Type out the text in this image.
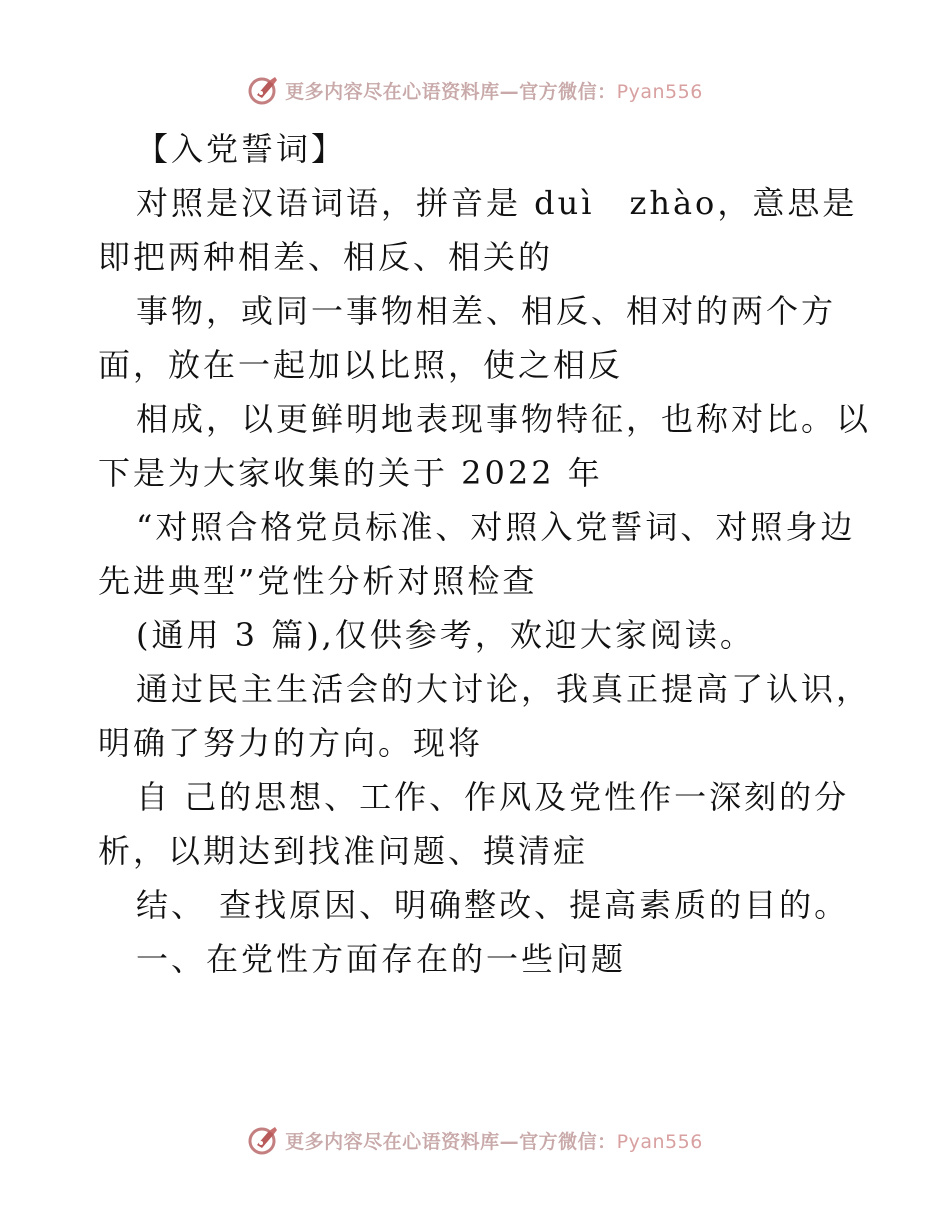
更多内容尽在心语资料库—官方微信：Pyan556
【入党誓词】
对照是汉语词语，拼音是 duì　zhào，意思是
即把两种相差、相反、相关的
事物，或同一事物相差、相反、相对的两个方
面，放在一起加以比照，使之相反
相成，以更鲜明地表现事物特征，也称对比。以
下是为大家收集的关于 2022 年
“对照合格党员标准、对照入党誓词、对照身边
先进典型”党性分析对照检查
(通用 3 篇),仅供参考，欢迎大家阅读。
通过民主生活会的大讨论，我真正提高了认识，
明确了努力的方向。现将
自 己的思想、工作、作风及党性作一深刻的分
析，以期达到找准问题、摸清症
结、 查找原因、明确整改、提高素质的目的。
一、在党性方面存在的一些问题
更多内容尽在心语资料库—官方微信：Pyan556
